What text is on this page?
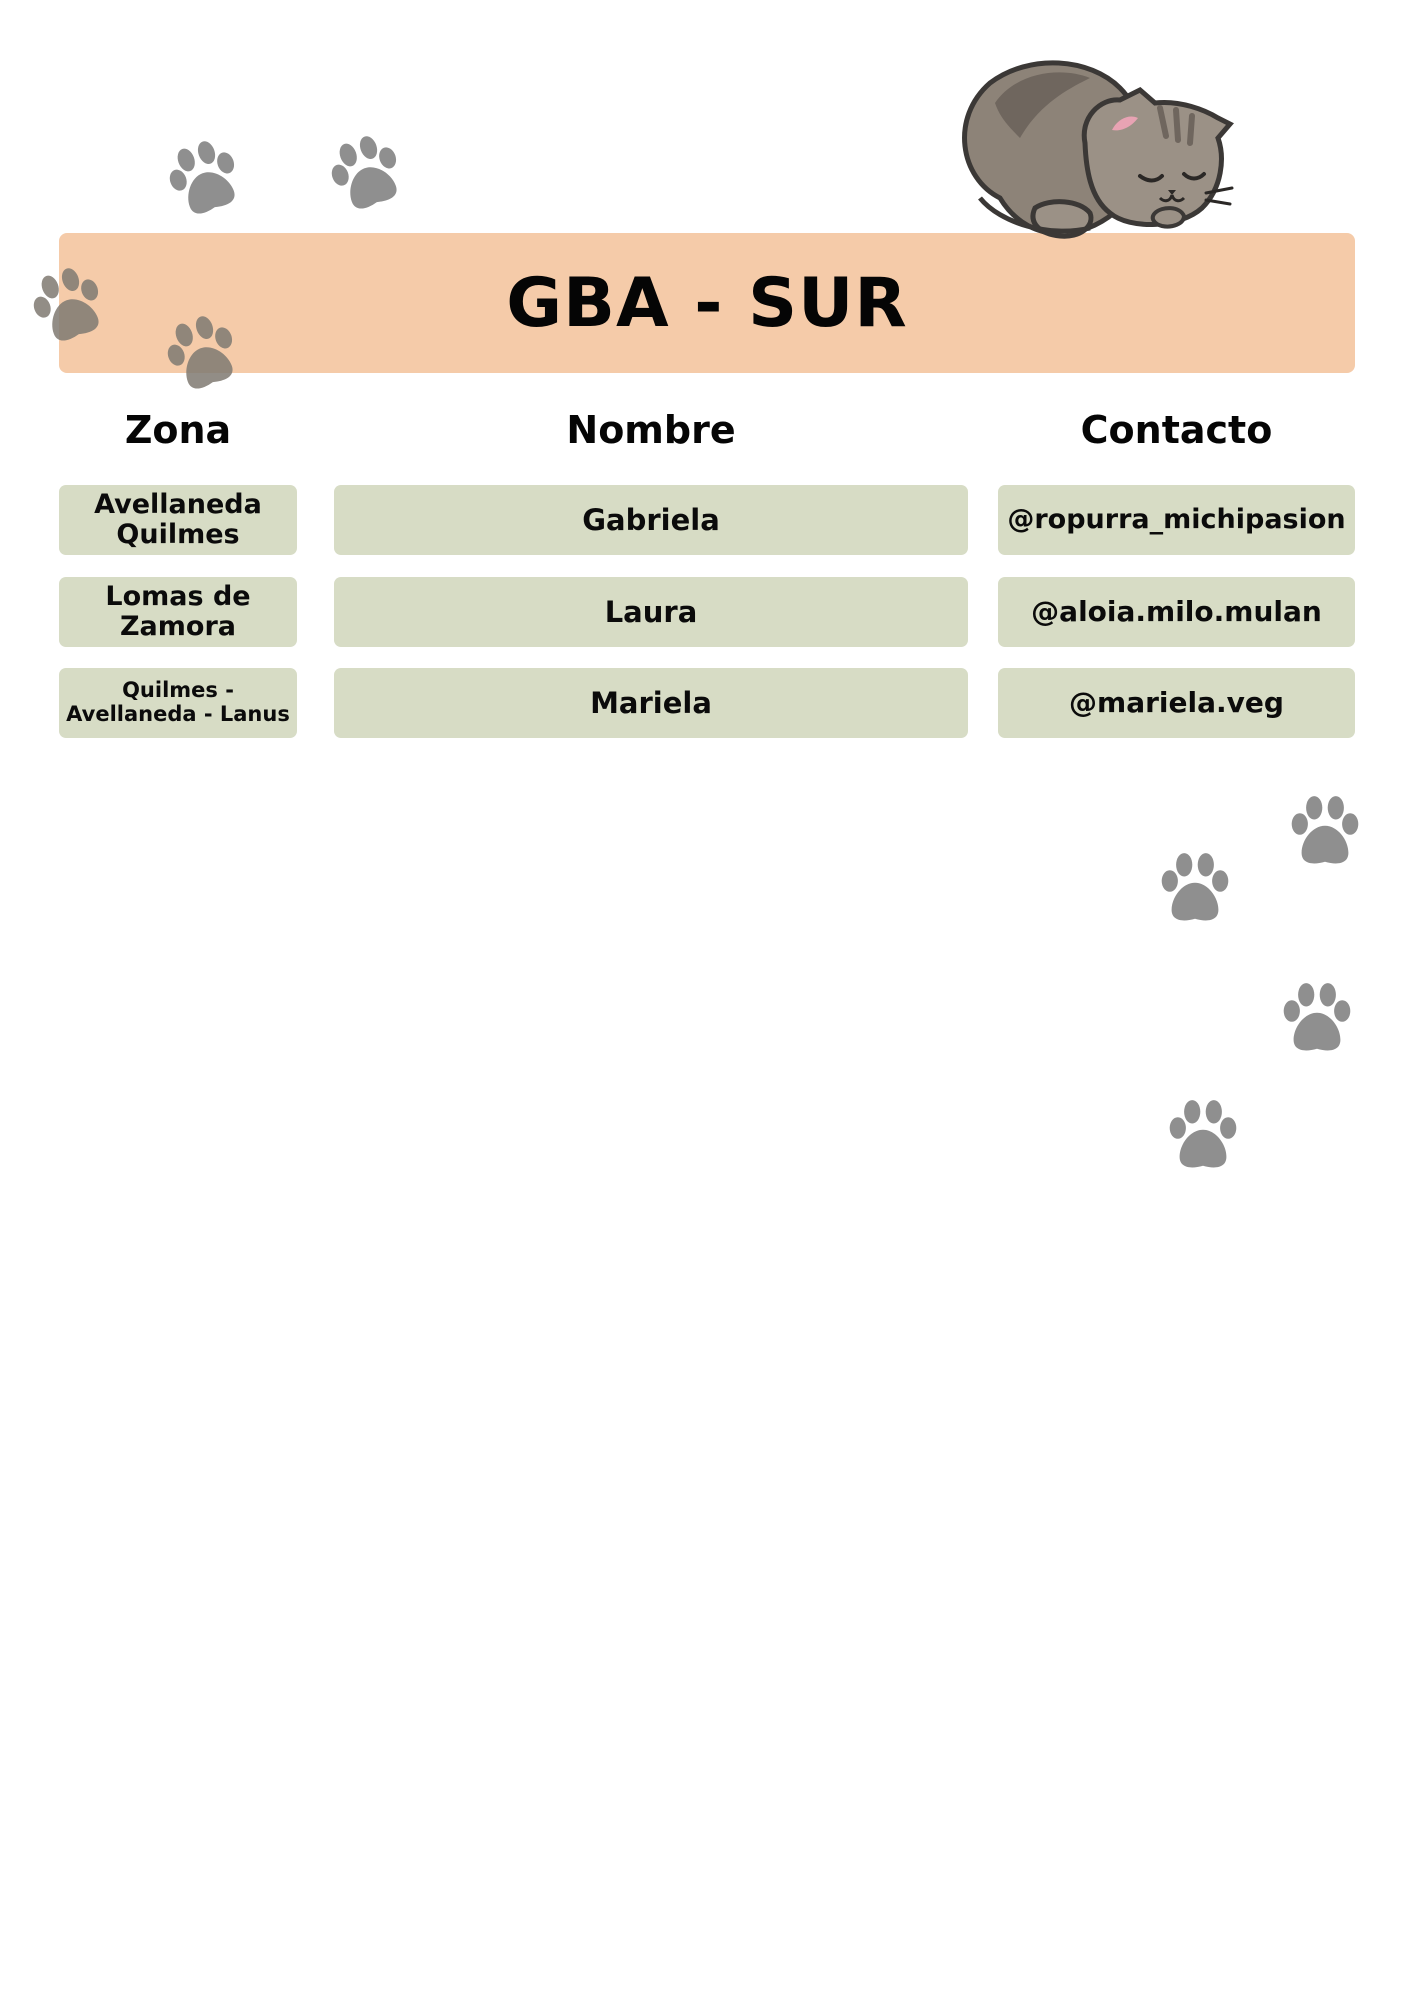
GBA - SUR
Zona	Nombre	Contacto
Avellaneda
Quilmes	Gabriela	@ropurra_michipasion
Lomas de
Zamora	Laura	@aloia.milo.mulan
Quilmes -
Avellaneda - Lanus	Mariela	@mariela.veg
